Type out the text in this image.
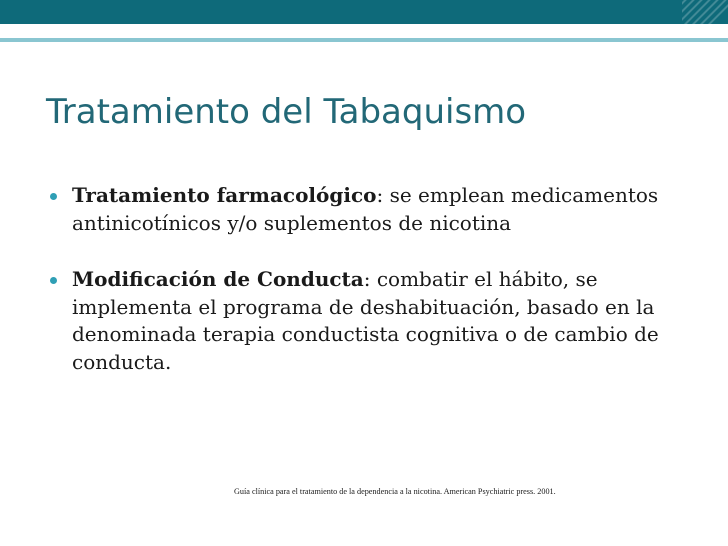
Tratamiento del Tabaquismo
Tratamiento farmacológico: se emplean medicamentos antinicotínicos y/o suplementos de nicotina
Modificación de Conducta: combatir el hábito, se implementa el programa de deshabituación, basado en la denominada terapia conductista cognitiva o de cambio de conducta.

Guía clínica para el tratamiento de la dependencia a la nicotina. American Psychiatric press. 2001.
